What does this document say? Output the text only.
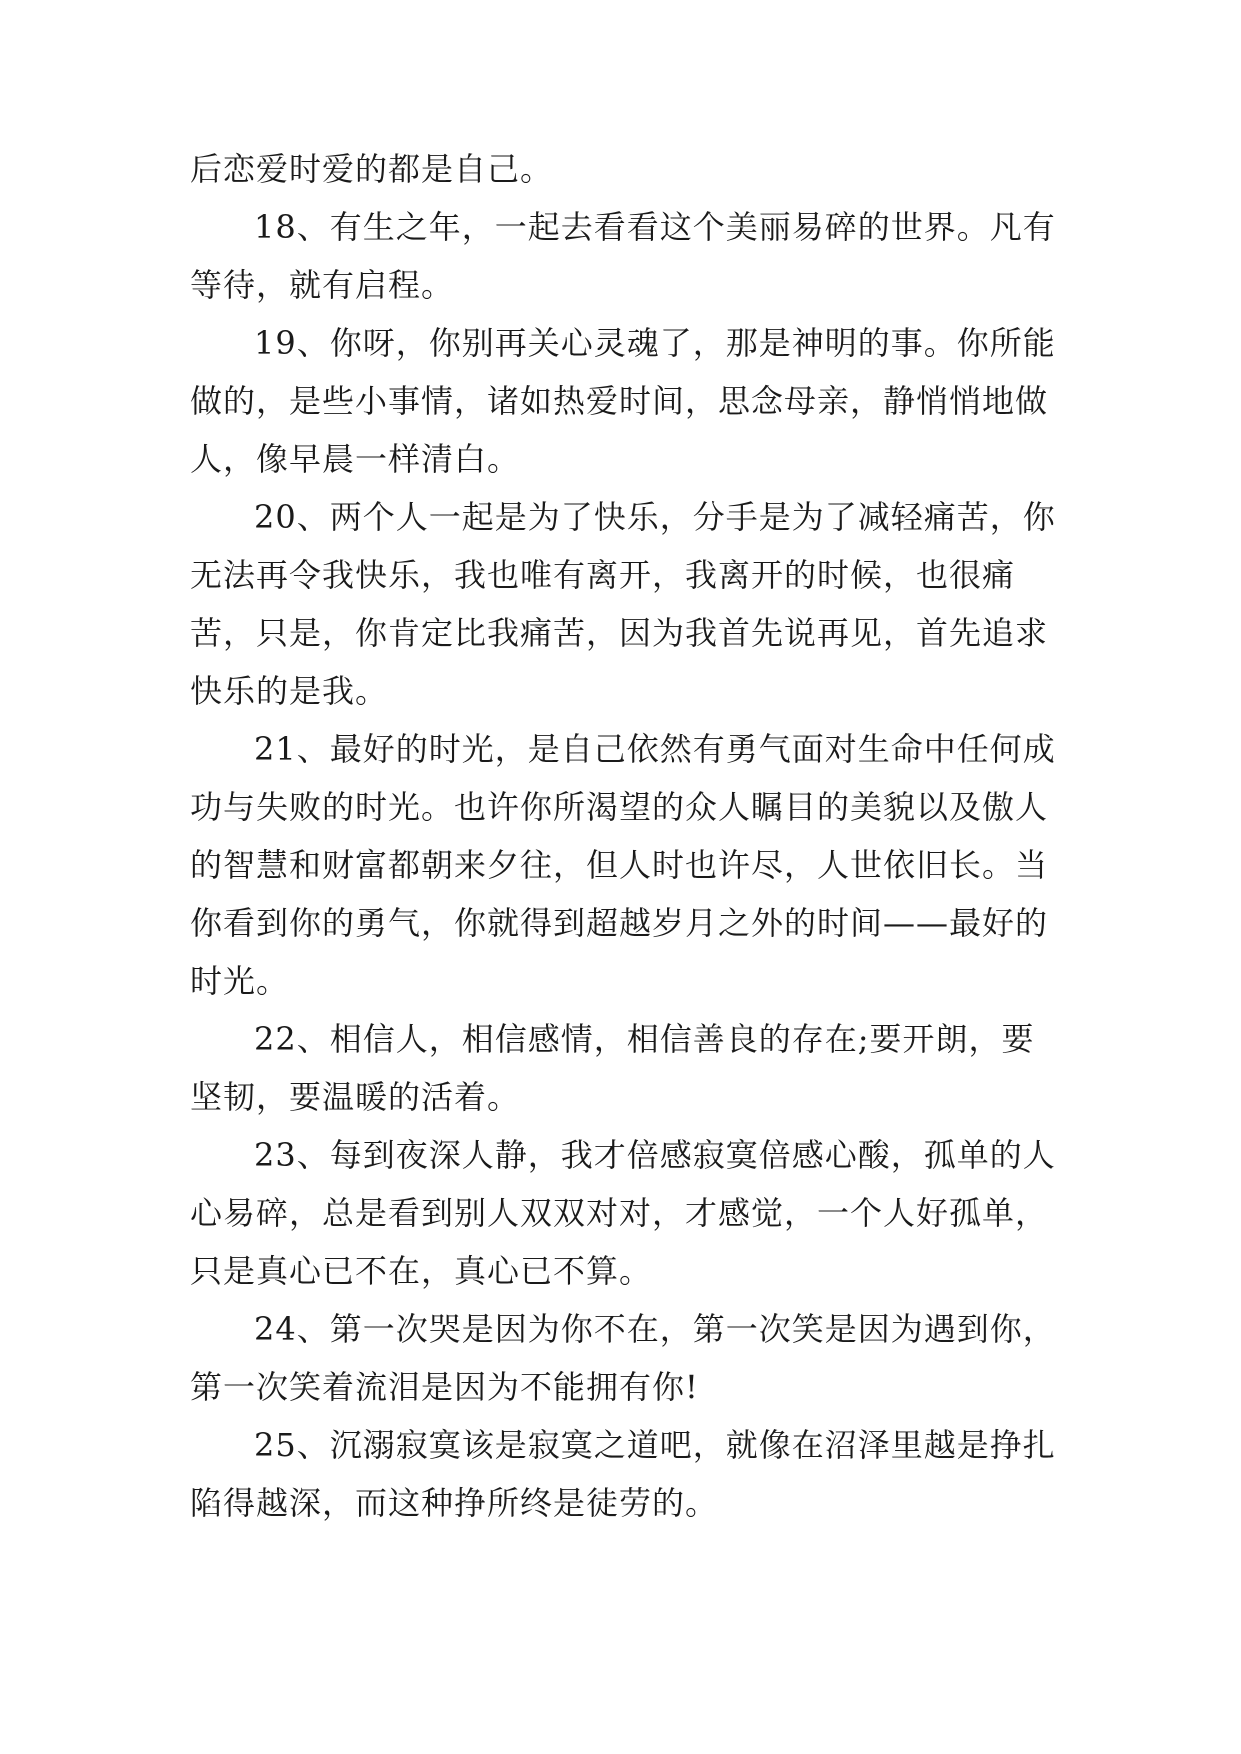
后恋爱时爱的都是自己。

18、有生之年，一起去看看这个美丽易碎的世界。凡有等待，就有启程。

19、你呀，你别再关心灵魂了，那是神明的事。你所能做的，是些小事情，诸如热爱时间，思念母亲，静悄悄地做人，像早晨一样清白。

20、两个人一起是为了快乐，分手是为了减轻痛苦，你无法再令我快乐，我也唯有离开，我离开的时候，也很痛苦，只是，你肯定比我痛苦，因为我首先说再见，首先追求快乐的是我。

21、最好的时光，是自己依然有勇气面对生命中任何成功与失败的时光。也许你所渴望的众人瞩目的美貌以及傲人的智慧和财富都朝来夕往，但人时也许尽，人世依旧长。当你看到你的勇气，你就得到超越岁月之外的时间——最好的时光。

22、相信人，相信感情，相信善良的存在;要开朗，要坚韧，要温暖的活着。

23、每到夜深人静，我才倍感寂寞倍感心酸，孤单的人心易碎，总是看到别人双双对对，才感觉，一个人好孤单，只是真心已不在，真心已不算。

24、第一次哭是因为你不在，第一次笑是因为遇到你，第一次笑着流泪是因为不能拥有你!

25、沉溺寂寞该是寂寞之道吧，就像在沼泽里越是挣扎陷得越深，而这种挣所终是徒劳的。
